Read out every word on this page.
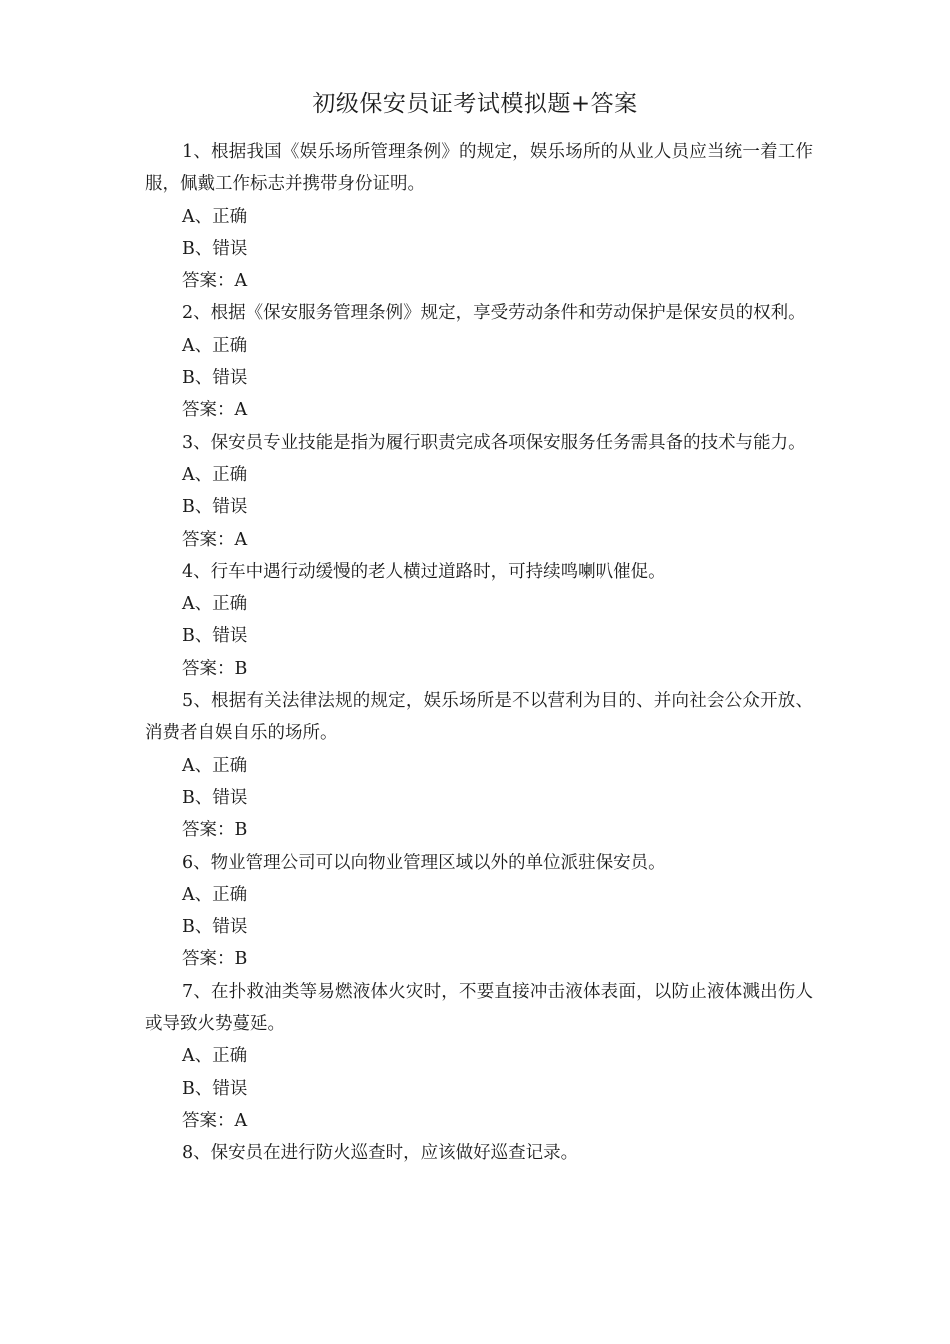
初级保安员证考试模拟题+答案

1、根据我国《娱乐场所管理条例》的规定，娱乐场所的从业人员应当统一着工作服，佩戴工作标志并携带身份证明。

A、正确

B、错误

答案：A

2、根据《保安服务管理条例》规定，享受劳动条件和劳动保护是保安员的权利。

A、正确

B、错误

答案：A

3、保安员专业技能是指为履行职责完成各项保安服务任务需具备的技术与能力。

A、正确

B、错误

答案：A

4、行车中遇行动缓慢的老人横过道路时，可持续鸣喇叭催促。

A、正确

B、错误

答案：B

5、根据有关法律法规的规定，娱乐场所是不以营利为目的、并向社会公众开放、消费者自娱自乐的场所。

A、正确

B、错误

答案：B

6、物业管理公司可以向物业管理区域以外的单位派驻保安员。

A、正确

B、错误

答案：B

7、在扑救油类等易燃液体火灾时，不要直接冲击液体表面，以防止液体溅出伤人或导致火势蔓延。

A、正确

B、错误

答案：A

8、保安员在进行防火巡查时，应该做好巡查记录。
